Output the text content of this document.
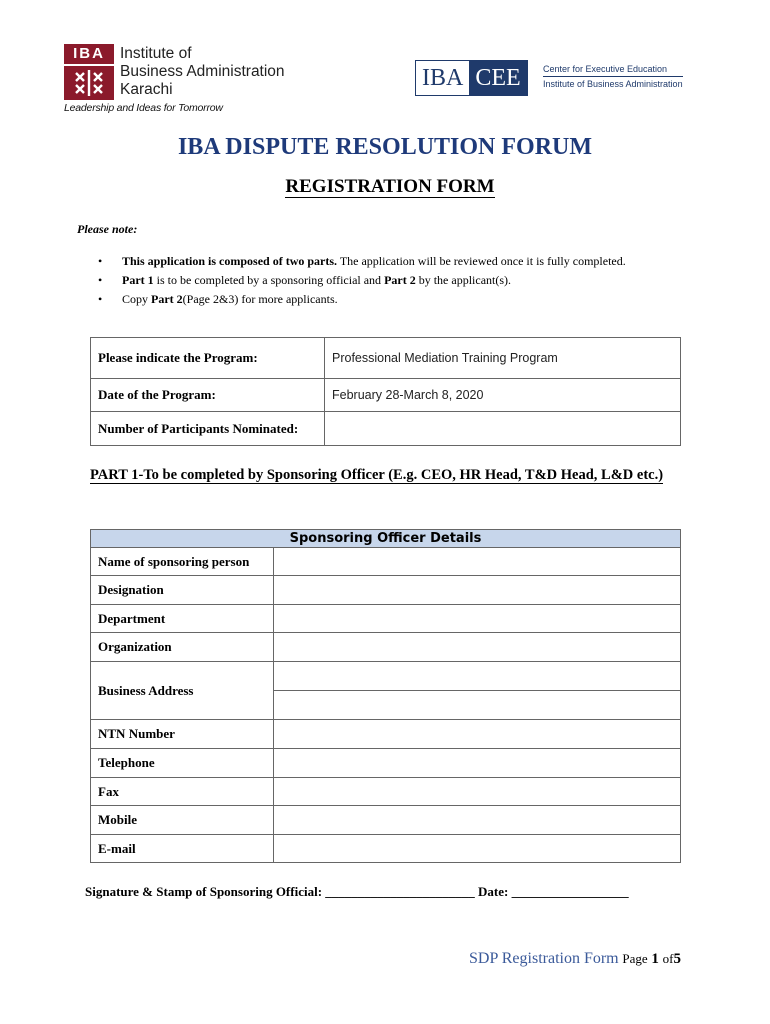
IBA Institute of
Business Administration
Karachi
Leadership and Ideas for Tomorrow
IBA CEE	Center for Executive Education
Institute of Business Administration
IBA DISPUTE RESOLUTION FORUM
REGISTRATION FORM
Please note:
• This application is composed of two parts. The application will be reviewed once it is fully completed.
• Part 1 is to be completed by a sponsoring official and Part 2 by the applicant(s).
• Copy Part 2(Page 2&3) for more applicants.
Please indicate the Program:	Professional Mediation Training Program
Date of the Program:	February 28-March 8, 2020
Number of Participants Nominated:	
PART 1-To be completed by Sponsoring Officer (E.g. CEO, HR Head, T&D Head, L&D etc.)
Sponsoring Officer Details	
Name of sponsoring person	
Designation	
Department	
Organization	
Business Address	

NTN Number	
Telephone	
Fax	
Mobile	
E-mail	
Signature & Stamp of Sponsoring Official: _______________________ Date: __________________
SDP Registration Form Page 1 of5
